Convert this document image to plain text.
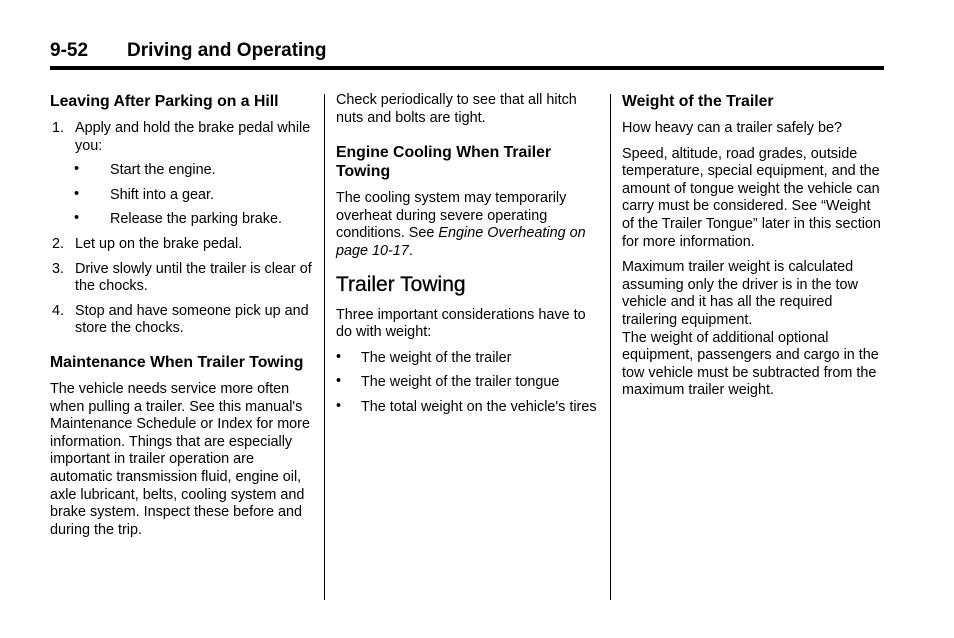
9-52 Driving and Operating
Leaving After Parking on a Hill
1. Apply and hold the brake pedal while you:
• Start the engine.
• Shift into a gear.
• Release the parking brake.
2. Let up on the brake pedal.
3. Drive slowly until the trailer is clear of the chocks.
4. Stop and have someone pick up and store the chocks.
Maintenance When Trailer Towing

The vehicle needs service more often when pulling a trailer. See this manual's Maintenance Schedule or Index for more information. Things that are especially important in trailer operation are automatic transmission fluid, engine oil, axle lubricant, belts, cooling system and brake system. Inspect these before and during the trip.

Check periodically to see that all hitch nuts and bolts are tight.

Engine Cooling When Trailer Towing

The cooling system may temporarily overheat during severe operating conditions. See Engine Overheating on page 10-17.

Trailer Towing

Three important considerations have to do with weight:

• The weight of the trailer
• The weight of the trailer tongue
• The total weight on the vehicle's tires
Weight of the Trailer

How heavy can a trailer safely be?

Speed, altitude, road grades, outside temperature, special equipment, and the amount of tongue weight the vehicle can carry must be considered. See “Weight of the Trailer Tongue” later in this section for more information.

Maximum trailer weight is calculated assuming only the driver is in the tow vehicle and it has all the required trailering equipment.

The weight of additional optional equipment, passengers and cargo in the tow vehicle must be subtracted from the maximum trailer weight.
